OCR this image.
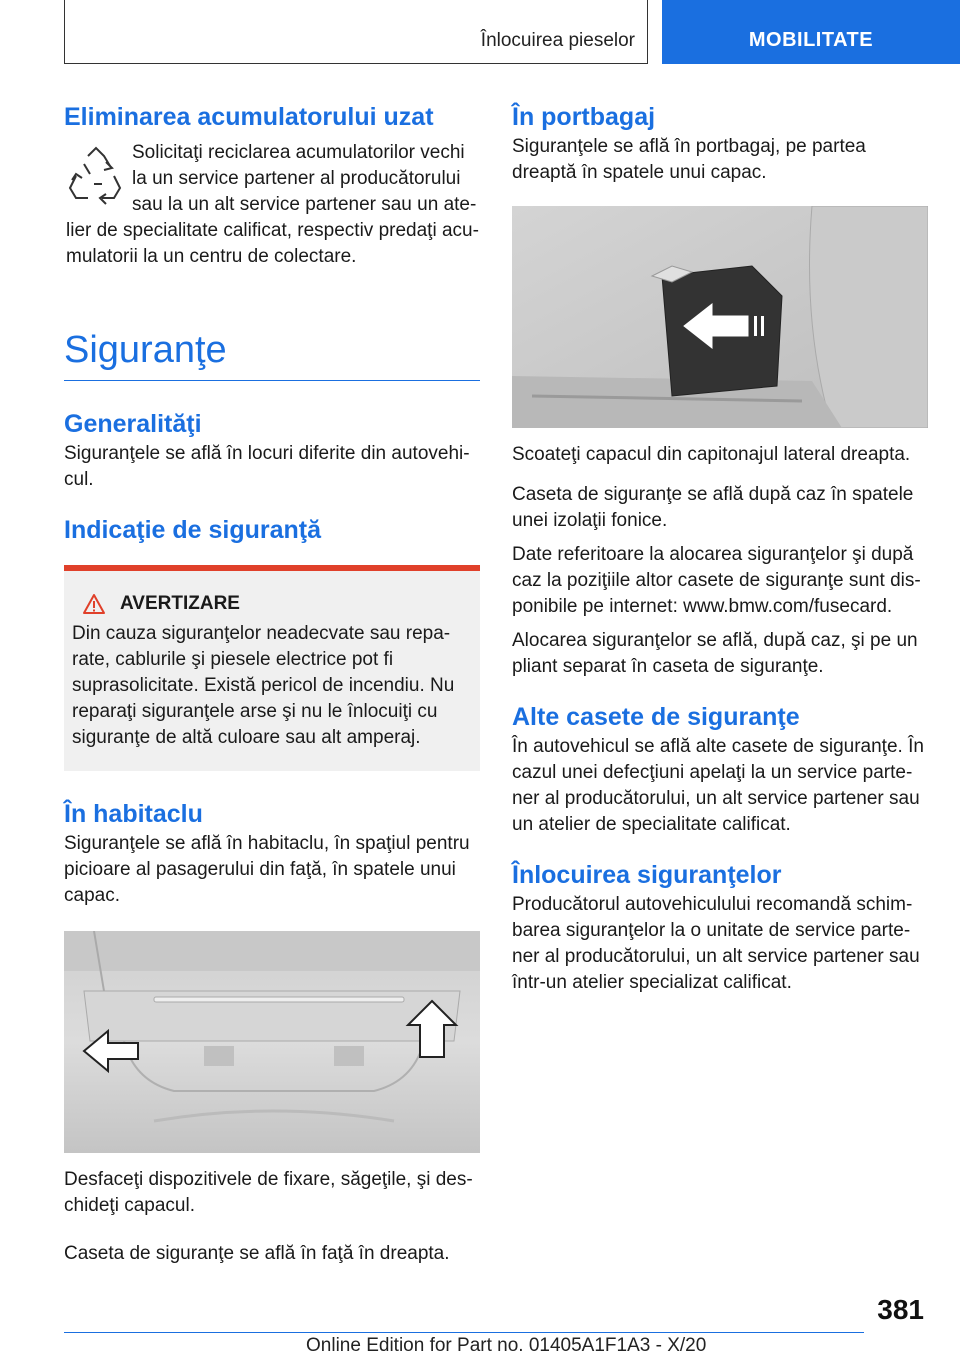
Înlocuirea pieselor	MOBILITATE
Eliminarea acumulatorului uzat

Solicitaţi reciclarea acumulatorilor vechi la un service partener al producătorului sau la un alt service partener sau un atelier de specialitate calificat, respectiv predaţi acumulatorii la un centru de colectare.

Siguranţe
Generalităţi

Siguranţele se află în locuri diferite din autovehicul.

Indicaţie de siguranţă
AVERTIZARE

Din cauza siguranţelor neadecvate sau reparate, cablurile şi piesele electrice pot fi suprasolicitate. Există pericol de incendiu. Nu reparaţi siguranţele arse şi nu le înlocuiţi cu siguranţe de altă culoare sau alt amperaj.

În habitaclu

Siguranţele se află în habitaclu, în spaţiul pentru picioare al pasagerului din faţă, în spatele unui capac.

Desfaceţi dispozitivele de fixare, săgeţile, şi deschideţi capacul.

Caseta de siguranţe se află în faţă în dreapta.

În portbagaj

Siguranţele se află în portbagaj, pe partea dreaptă în spatele unui capac.

Scoateţi capacul din capitonajul lateral dreapta.

Caseta de siguranţe se află după caz în spatele unei izolaţii fonice.

Date referitoare la alocarea siguranţelor şi după caz la poziţiile altor casete de siguranţe sunt disponibile pe internet: www.bmw.com/fusecard.

Alocarea siguranţelor se află, după caz, şi pe un pliant separat în caseta de siguranţe.

Alte casete de siguranţe

În autovehicul se află alte casete de siguranţe. În cazul unei defecţiuni apelaţi la un service partener al producătorului, un alt service partener sau un atelier de specialitate calificat.

Înlocuirea siguranţelor

Producătorul autovehiculului recomandă schimbarea siguranţelor la o unitate de service partener al producătorului, un alt service partener sau într-un atelier specializat calificat.

381
Online Edition for Part no. 01405A1F1A3 - X/20
